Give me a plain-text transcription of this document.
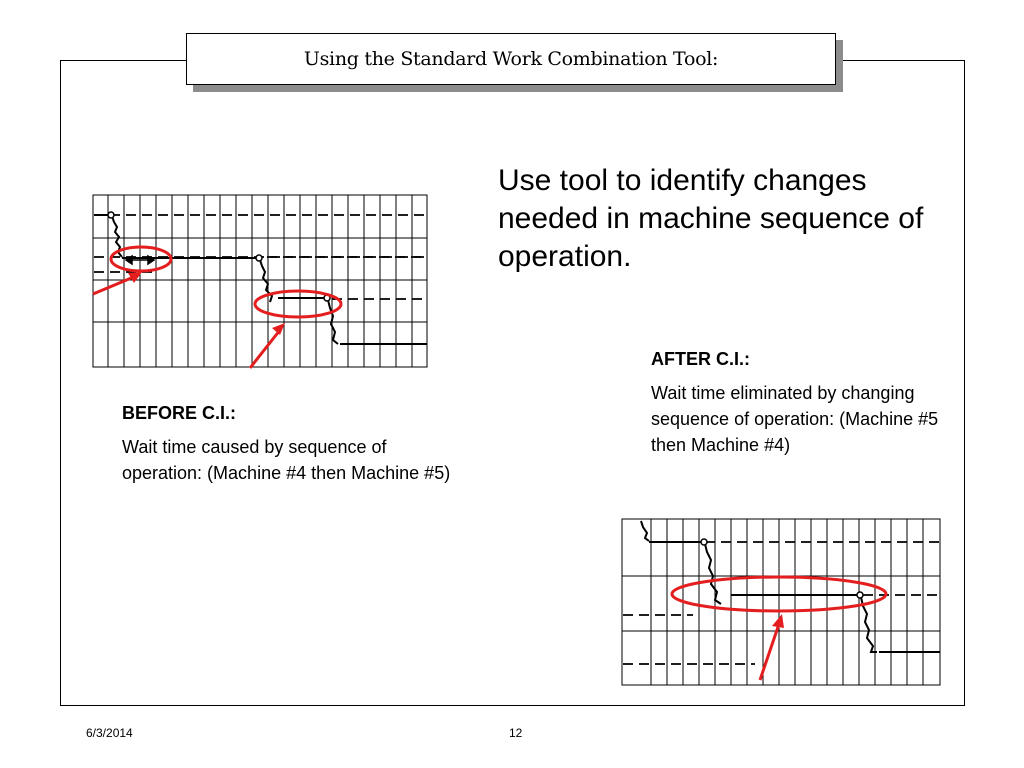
Using the Standard Work Combination Tool:
Use tool to identify changes needed in machine sequence of operation.
BEFORE C.I.:
Wait time caused by sequence of operation: (Machine #4 then Machine #5)
AFTER C.I.:
Wait time eliminated by changing sequence of operation: (Machine #5 then Machine #4)
6/3/2014	12
